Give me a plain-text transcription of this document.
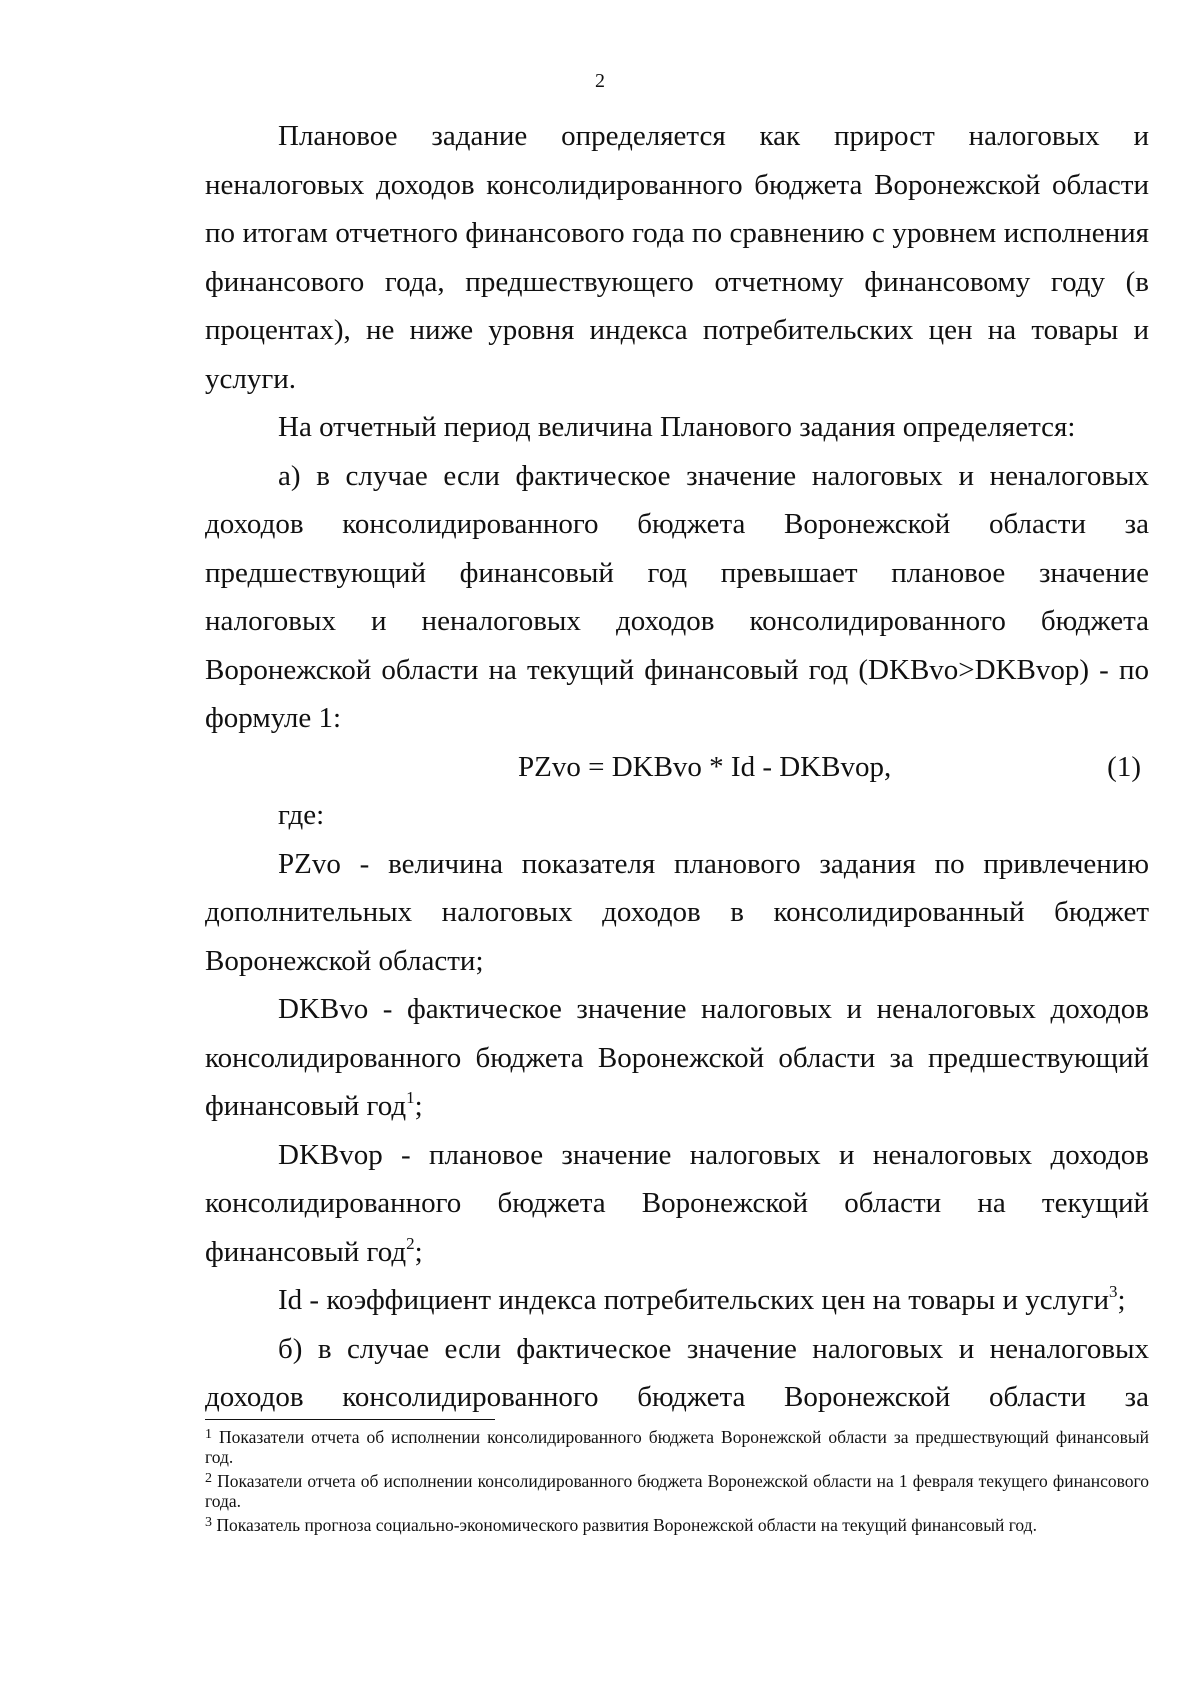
2

Плановое задание определяется как прирост налоговых и неналоговых доходов консолидированного бюджета Воронежской области по итогам отчетного финансового года по сравнению с уровнем исполнения финансового года, предшествующего отчетному финансовому году (в процентах), не ниже уровня индекса потребительских цен на товары и услуги.

На отчетный период величина Планового задания определяется:

а) в случае если фактическое значение налоговых и неналоговых доходов консолидированного бюджета Воронежской области за предшествующий финансовый год превышает плановое значение налоговых и неналоговых доходов консолидированного бюджета Воронежской области на текущий финансовый год (DKBvo>DKBvop) - по формуле 1:

PZvo = DKBvo * Id - DKBvop,	(1)

где:

PZvo - величина показателя планового задания по привлечению дополнительных налоговых доходов в консолидированный бюджет Воронежской области;

DKBvo - фактическое значение налоговых и неналоговых доходов консолидированного бюджета Воронежской области за предшествующий финансовый год$^1$;

DKBvop - плановое значение налоговых и неналоговых доходов консолидированного бюджета Воронежской области на текущий финансовый год$^2$;

Id - коэффициент индекса потребительских цен на товары и услуги$^3$;

б) в случае если фактическое значение налоговых и неналоговых доходов консолидированного бюджета Воронежской области за

$^1$ Показатели отчета об исполнении консолидированного бюджета Воронежской области за предшествующий финансовый год.

$^2$ Показатели отчета об исполнении консолидированного бюджета Воронежской области на 1 февраля текущего финансового года.

$^3$ Показатель прогноза социально-экономического развития Воронежской области на текущий финансовый год.
